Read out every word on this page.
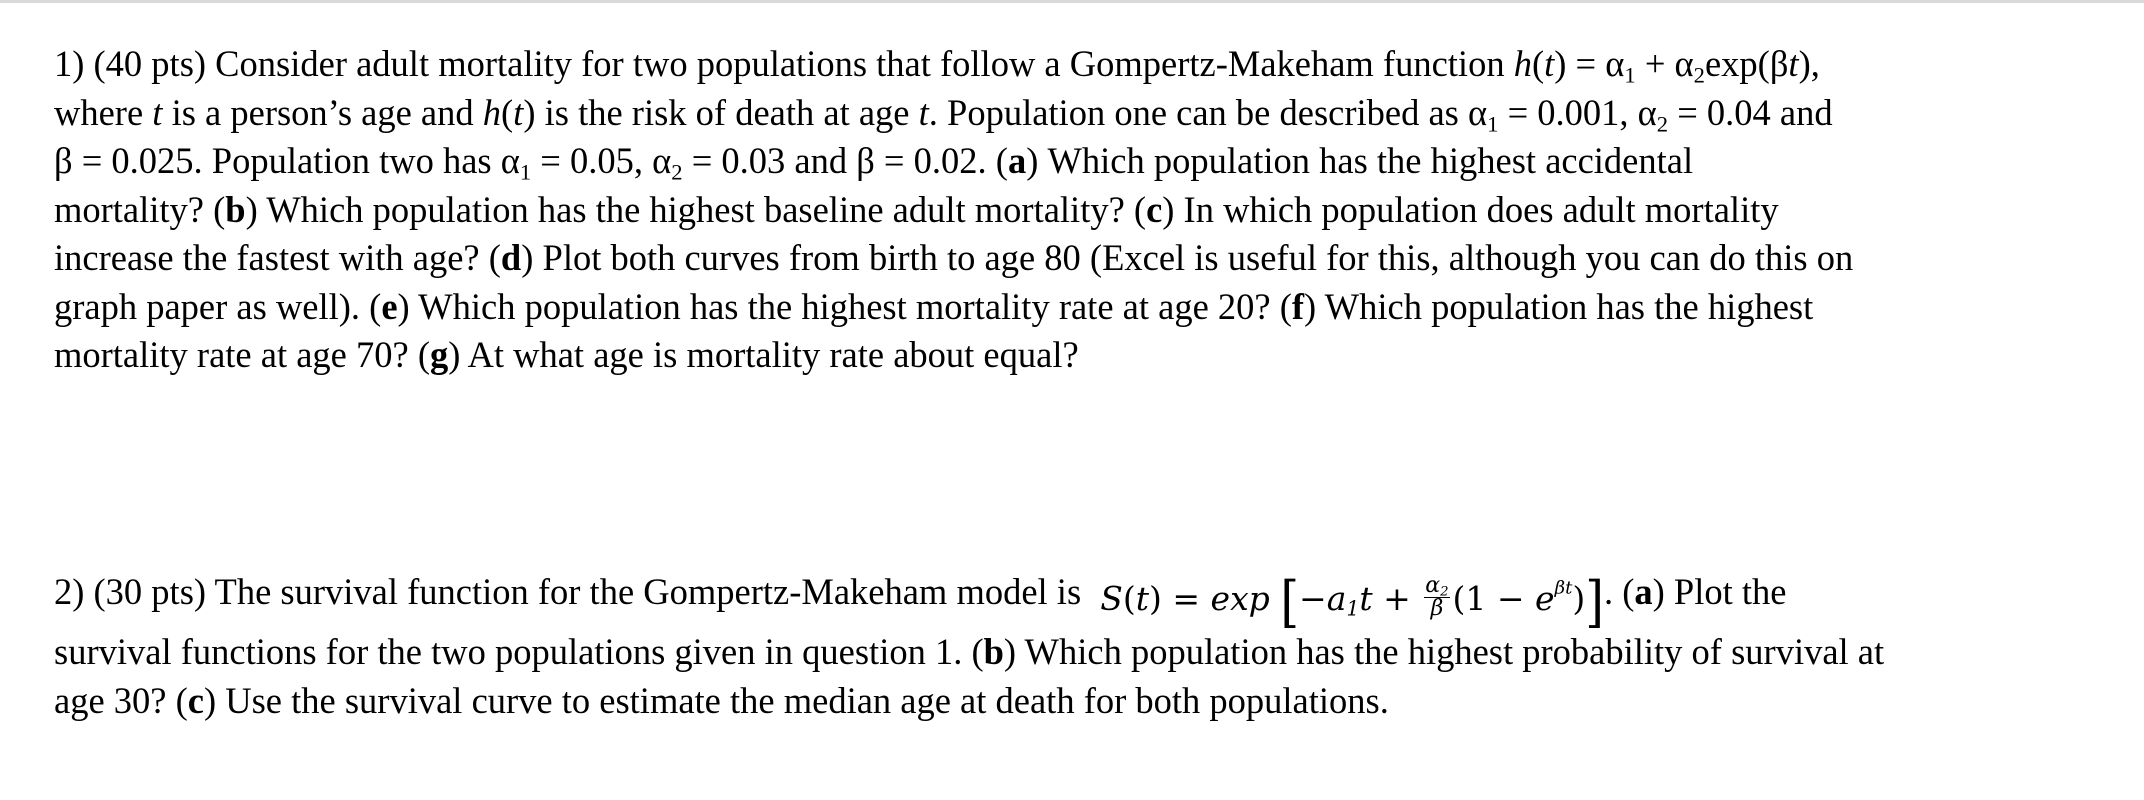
1) (40 pts) Consider adult mortality for two populations that follow a Gompertz-Makeham function $h(t) = \alpha_1 + \alpha_2\exp(\beta t)$,
where t is a person’s age and h(t) is the risk of death at age t. Population one can be described as $\alpha_1 = 0.001$, $\alpha_2 = 0.04$ and
β = 0.025. Population two has $\alpha_1 = 0.05$, $\alpha_2 = 0.03$ and β = 0.02. (a) Which population has the highest accidental
mortality? (b) Which population has the highest baseline adult mortality? (c) In which population does adult mortality
increase the fastest with age? (d) Plot both curves from birth to age 80 (Excel is useful for this, although you can do this on
graph paper as well). (e) Which population has the highest mortality rate at age 20? (f) Which population has the highest
mortality rate at age 70? (g) At what age is mortality rate about equal?
2) (30 pts) The survival function for the Gompertz-Makeham model is $S(t) = \exp [-a_1t + \frac{\alpha_2}{\beta} (1 - e^{\beta t})]$. (a) Plot the
survival functions for the two populations given in question 1. (b) Which population has the highest probability of survival at
age 30? (c) Use the survival curve to estimate the median age at death for both populations.
